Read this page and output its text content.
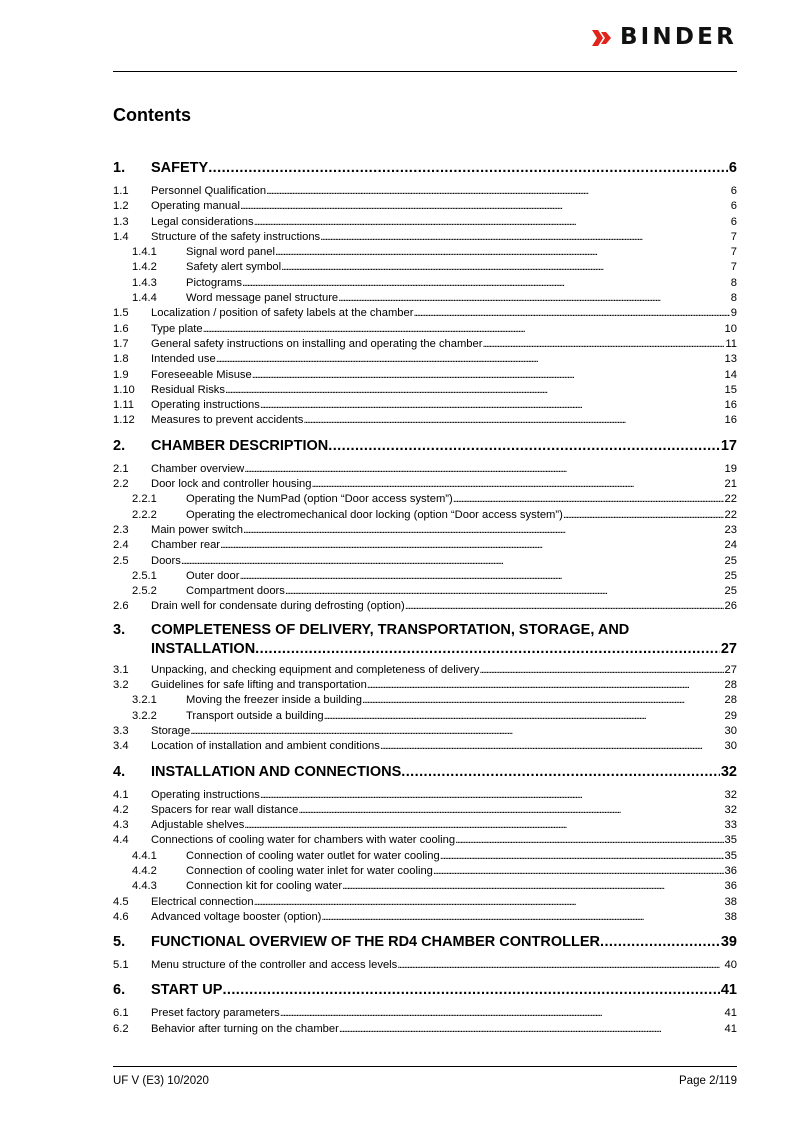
BINDER
Contents
1.	SAFETY . . .	6
1.1	Personnel Qualification . . .	6
1.2	Operating manual . . .	6
1.3	Legal considerations . . .	6
1.4	Structure of the safety instructions . . .	7
1.4.1	Signal word panel . . .	7
1.4.2	Safety alert symbol . . .	7
1.4.3	Pictograms . . .	8
1.4.4	Word message panel structure . . .	8
1.5	Localization / position of safety labels at the chamber . . .	9
1.6	Type plate . . .	10
1.7	General safety instructions on installing and operating the chamber . . .	11
1.8	Intended use . . .	13
1.9	Foreseeable Misuse . . .	14
1.10	Residual Risks . . .	15
1.11	Operating instructions . . .	16
1.12	Measures to prevent accidents . . .	16
2.	CHAMBER DESCRIPTION . . .	17
2.1	Chamber overview . . .	19
2.2	Door lock and controller housing . . .	21
2.2.1	Operating the NumPad (option “Door access system”) . . .	22
2.2.2	Operating the electromechanical door locking (option “Door access system”) . . .	22
2.3	Main power switch . . .	23
2.4	Chamber rear . . .	24
2.5	Doors . . .	25
2.5.1	Outer door . . .	25
2.5.2	Compartment doors . . .	25
2.6	Drain well for condensate during defrosting (option) . . .	26
3.	COMPLETENESS OF DELIVERY, TRANSPORTATION, STORAGE, AND
INSTALLATION . . .	27
3.1	Unpacking, and checking equipment and completeness of delivery . . .	27
3.2	Guidelines for safe lifting and transportation . . .	28
3.2.1	Moving the freezer inside a building . . .	28
3.2.2	Transport outside a building . . .	29
3.3	Storage . . .	30
3.4	Location of installation and ambient conditions . . .	30
4.	INSTALLATION AND CONNECTIONS . . .	32
4.1	Operating instructions . . .	32
4.2	Spacers for rear wall distance . . .	32
4.3	Adjustable shelves . . .	33
4.4	Connections of cooling water for chambers with water cooling . . .	35
4.4.1	Connection of cooling water outlet for water cooling . . .	35
4.4.2	Connection of cooling water inlet for water cooling . . .	36
4.4.3	Connection kit for cooling water . . .	36
4.5	Electrical connection . . .	38
4.6	Advanced voltage booster (option) . . .	38
5.	FUNCTIONAL OVERVIEW OF THE RD4 CHAMBER CONTROLLER . . .	39
5.1	Menu structure of the controller and access levels . . .	40
6.	START UP . . .	41
6.1	Preset factory parameters . . .	41
6.2	Behavior after turning on the chamber . . .	41
UF V (E3) 10/2020	Page 2/119
